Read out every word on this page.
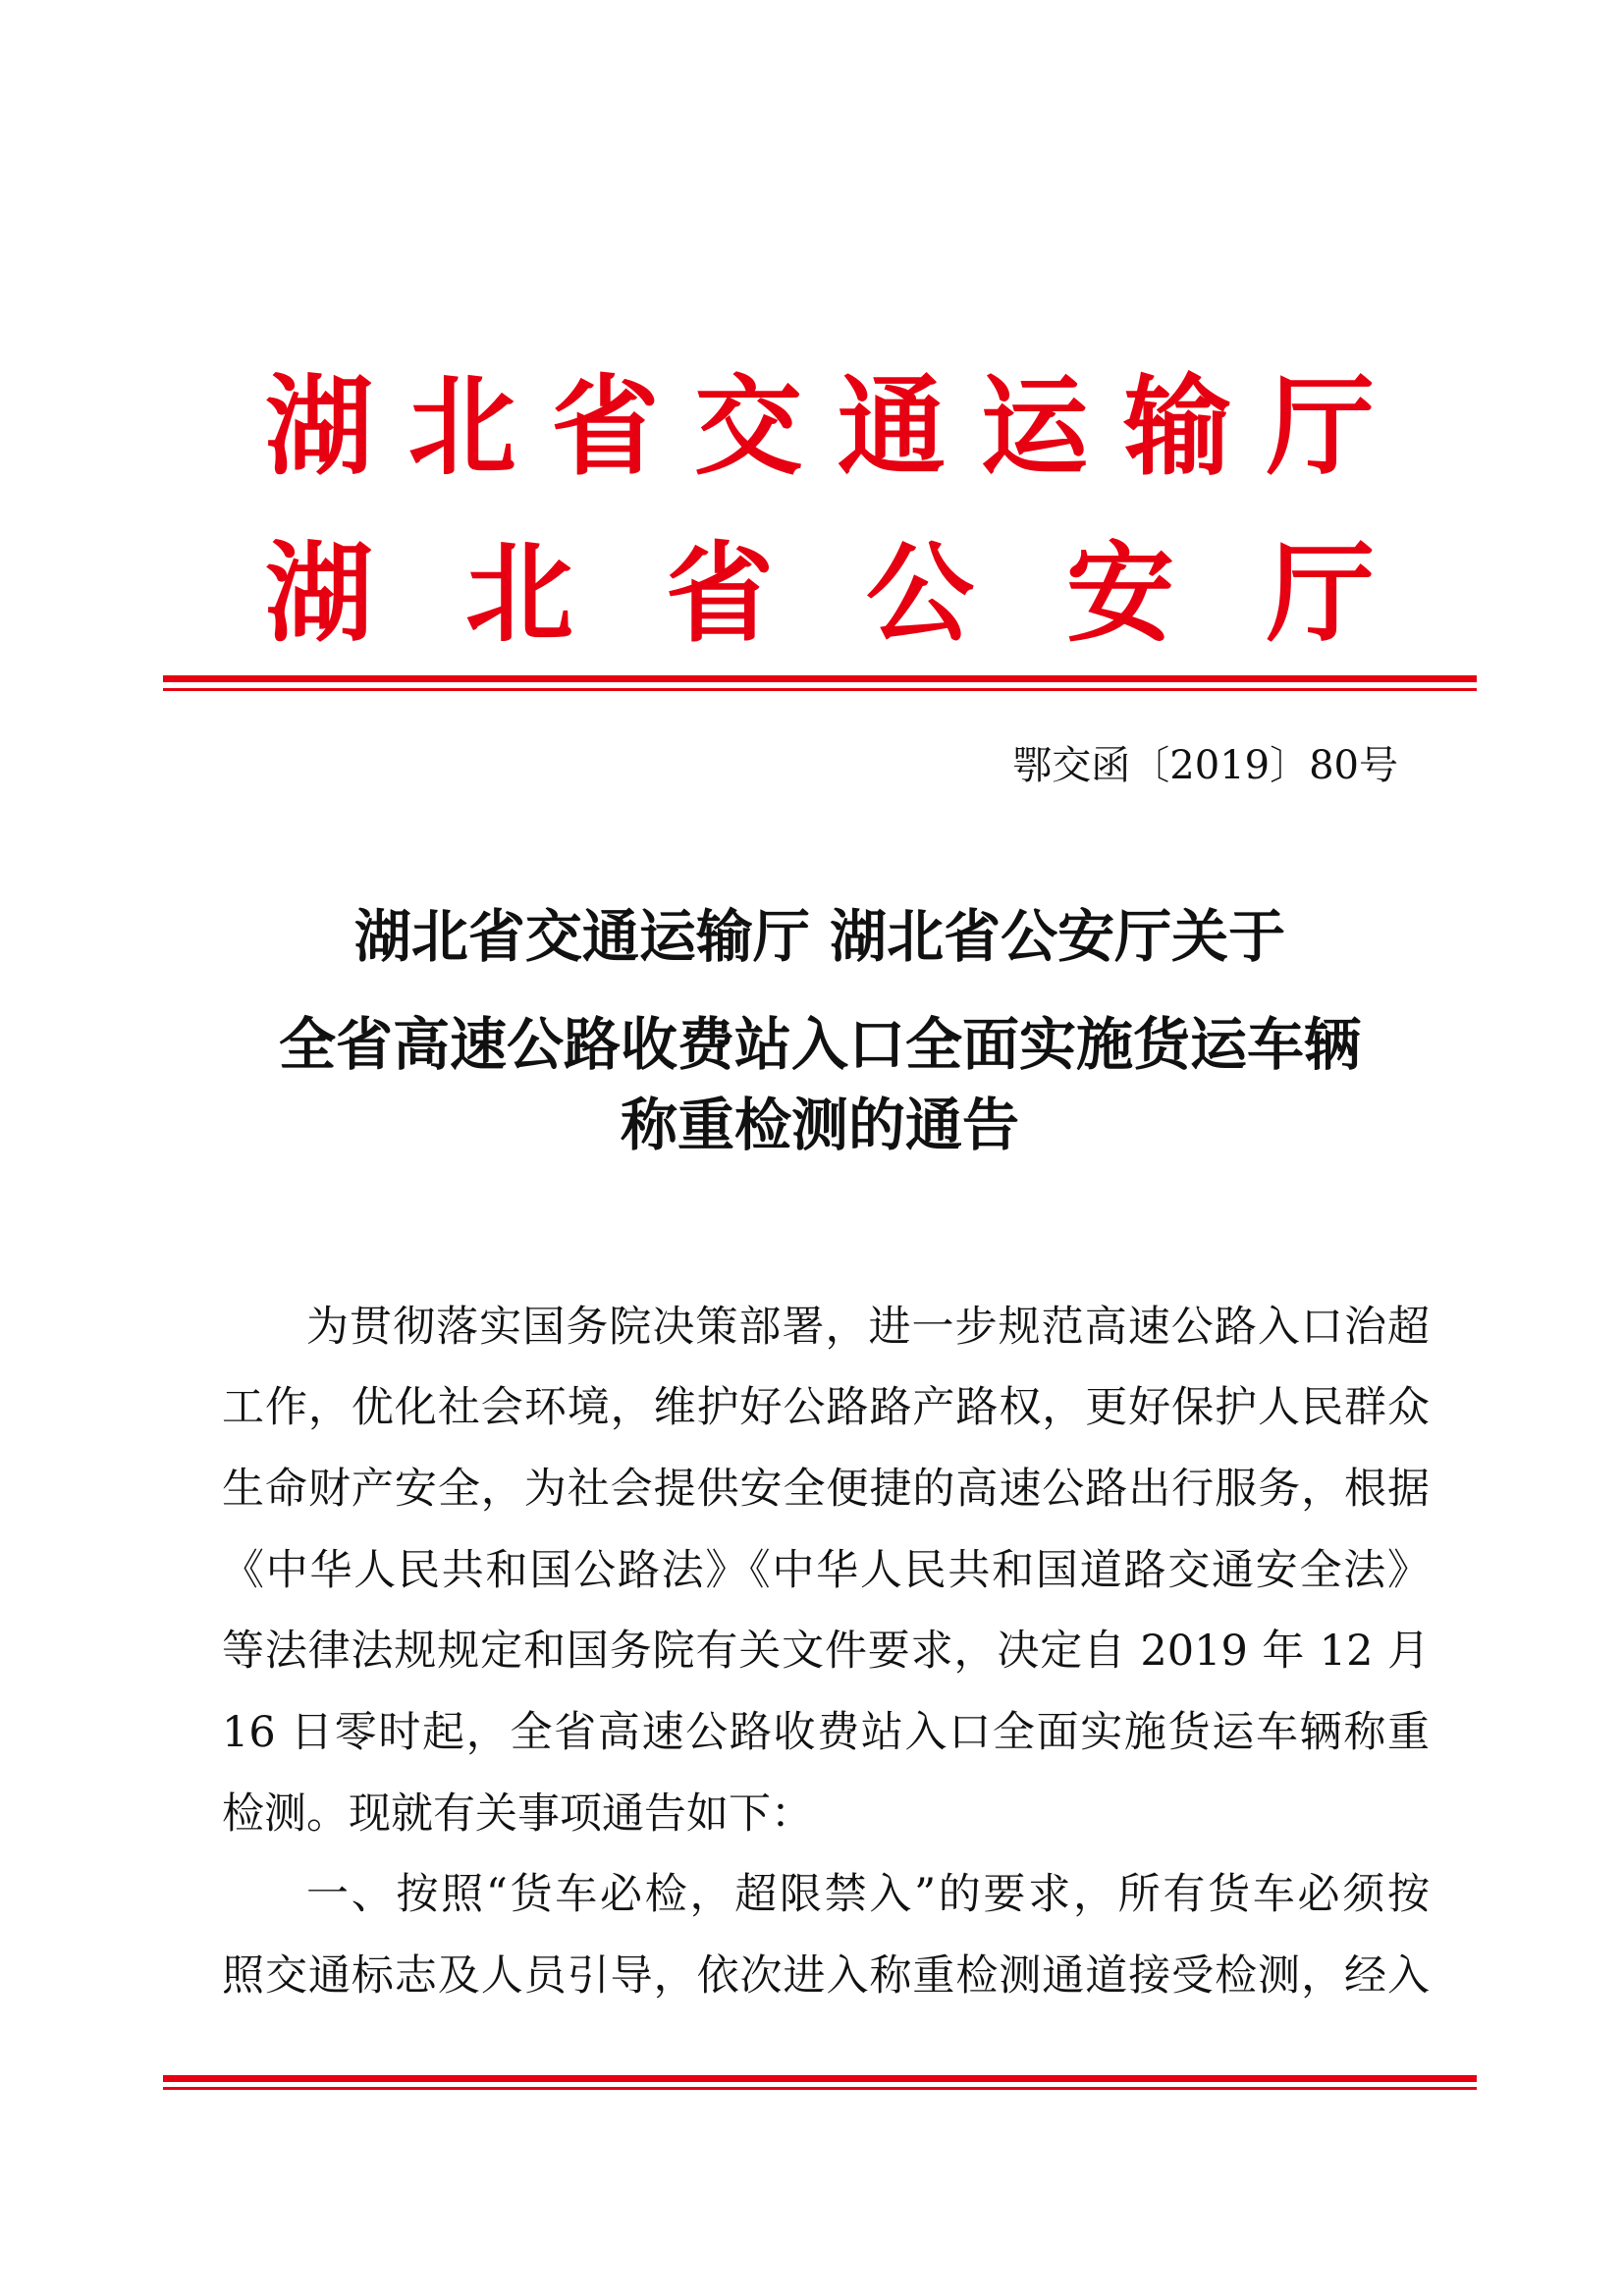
湖 北 省 交 通 运 输 厅
湖 北 省 公 安 厅
鄂交函〔2019〕80号
湖北省交通运输厅 湖北省公安厅关于
全省高速公路收费站入口全面实施货运车辆
称重检测的通告
为贯彻落实国务院决策部署，进一步规范高速公路入口治超
工作，优化社会环境，维护好公路路产路权，更好保护人民群众
生命财产安全，为社会提供安全便捷的高速公路出行服务，根据
《中华人民共和国公路法》《中华人民共和国道路交通安全法》
等法律法规规定和国务院有关文件要求，决定自 2019 年 12 月
16 日零时起，全省高速公路收费站入口全面实施货运车辆称重
检测。现就有关事项通告如下：
一、按照“货车必检，超限禁入”的要求，所有货车必须按
照交通标志及人员引导，依次进入称重检测通道接受检测，经入
